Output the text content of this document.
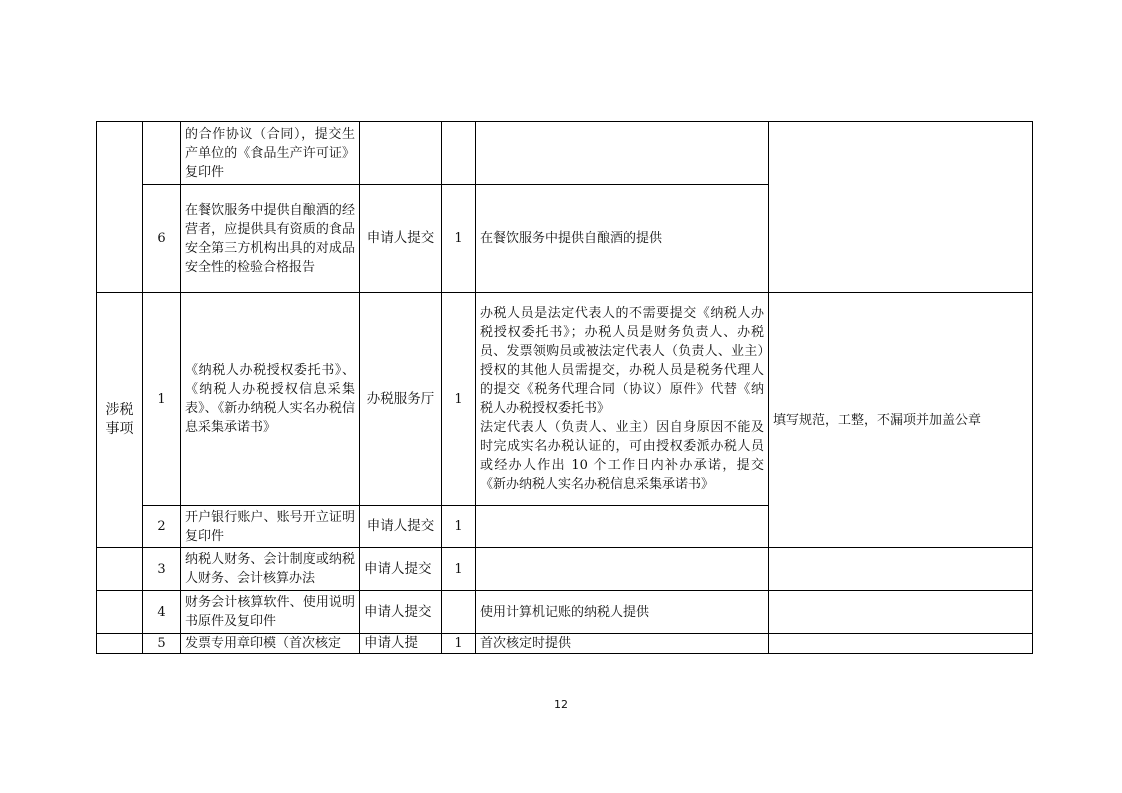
		的合作协议（合同），提交生产单位的《食品生产许可证》复印件				
	6	在餐饮服务中提供自酿酒的经营者，应提供具有资质的食品安全第三方机构出具的对成品安全性的检验合格报告	申请人提交	1	在餐饮服务中提供自酿酒的提供	

涉税事项	1	《纳税人办税授权委托书》、《纳税人办税授权信息采集表》、《新办纳税人实名办税信息采集承诺书》	办税服务厅	1	办税人员是法定代表人的不需要提交《纳税人办税授权委托书》；办税人员是财务负责人、办税员、发票领购员或被法定代表人（负责人、业主）授权的其他人员需提交，办税人员是税务代理人的提交《税务代理合同（协议）原件》代替《纳税人办税授权委托书》
法定代表人（负责人、业主）因自身原因不能及时完成实名办税认证的，可由授权委派办税人员或经办人作出 10 个工作日内补办承诺，提交《新办纳税人实名办税信息采集承诺书》	填写规范，工整，不漏项并加盖公章
	2	开户银行账户、账号开立证明复印件	申请人提交	1		
	3	纳税人财务、会计制度或纳税人财务、会计核算办法	申请人提交	1		
	4	财务会计核算软件、使用说明书原件及复印件	申请人提交		使用计算机记账的纳税人提供	
	5	发票专用章印模（首次核定	申请人提	1	首次核定时提供	
12
